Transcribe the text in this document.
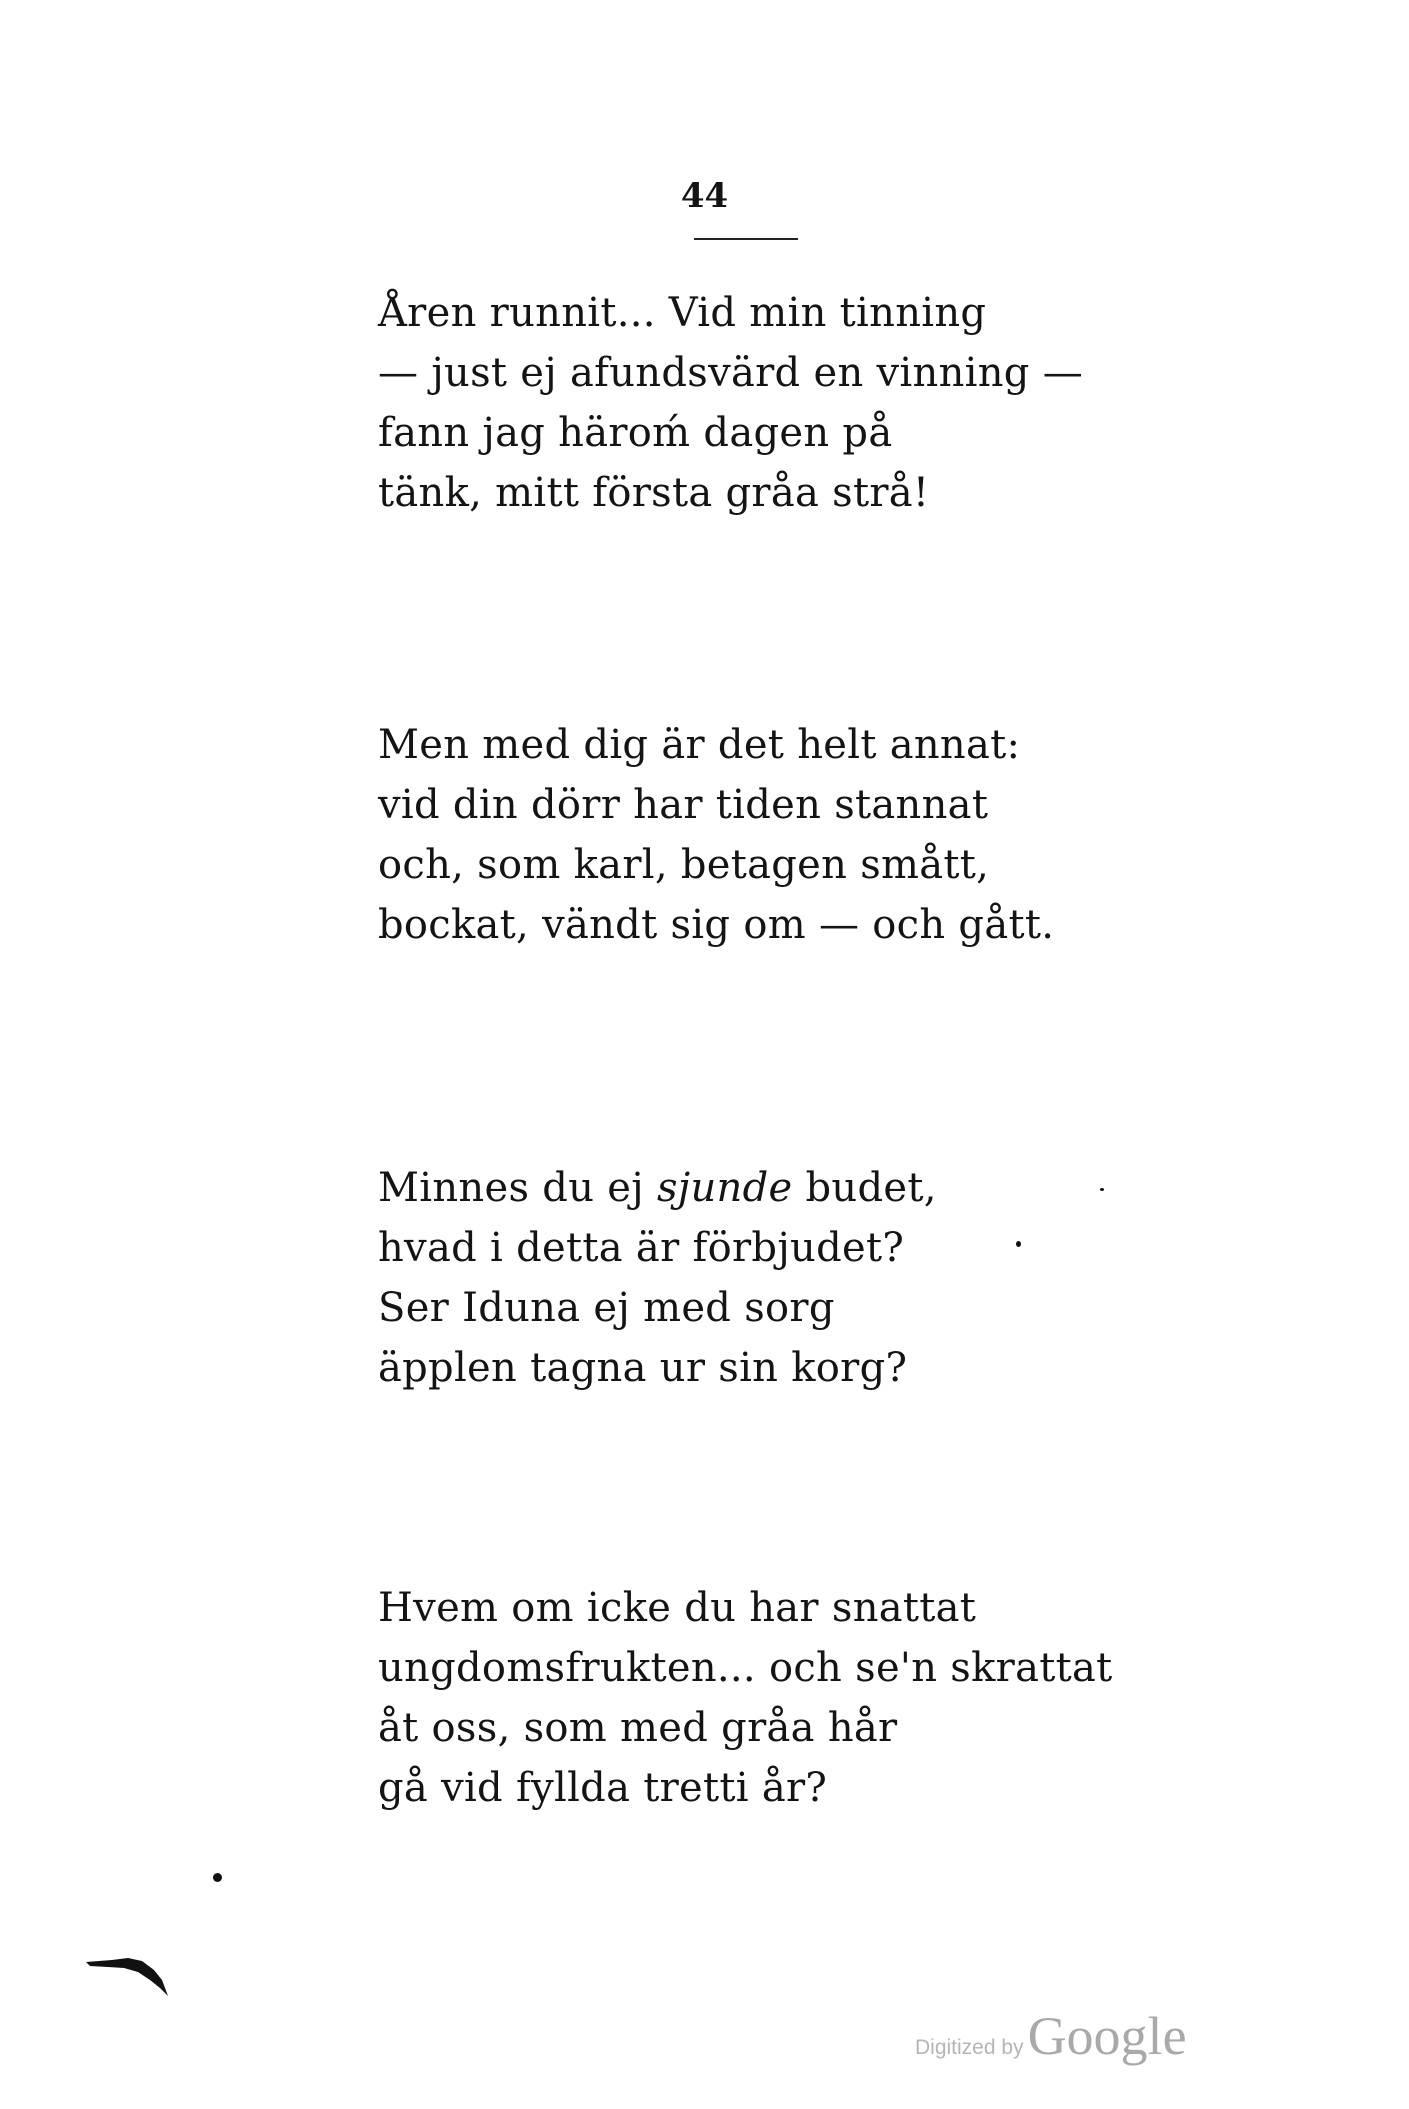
44
Åren runnit... Vid min tinning
— just ej afundsvärd en vinning —
fann jag häroḿ dagen på
tänk, mitt första gråa strå!
Men med dig är det helt annat:
vid din dörr har tiden stannat
och, som karl, betagen smått,
bockat, vändt sig om — och gått.
Minnes du ej sjunde budet,
hvad i detta är förbjudet?
Ser Iduna ej med sorg
äpplen tagna ur sin korg?
Hvem om icke du har snattat
ungdomsfrukten... och se'n skrattat
åt oss, som med gråa hår
gå vid fyllda tretti år?
Digitized by Google
